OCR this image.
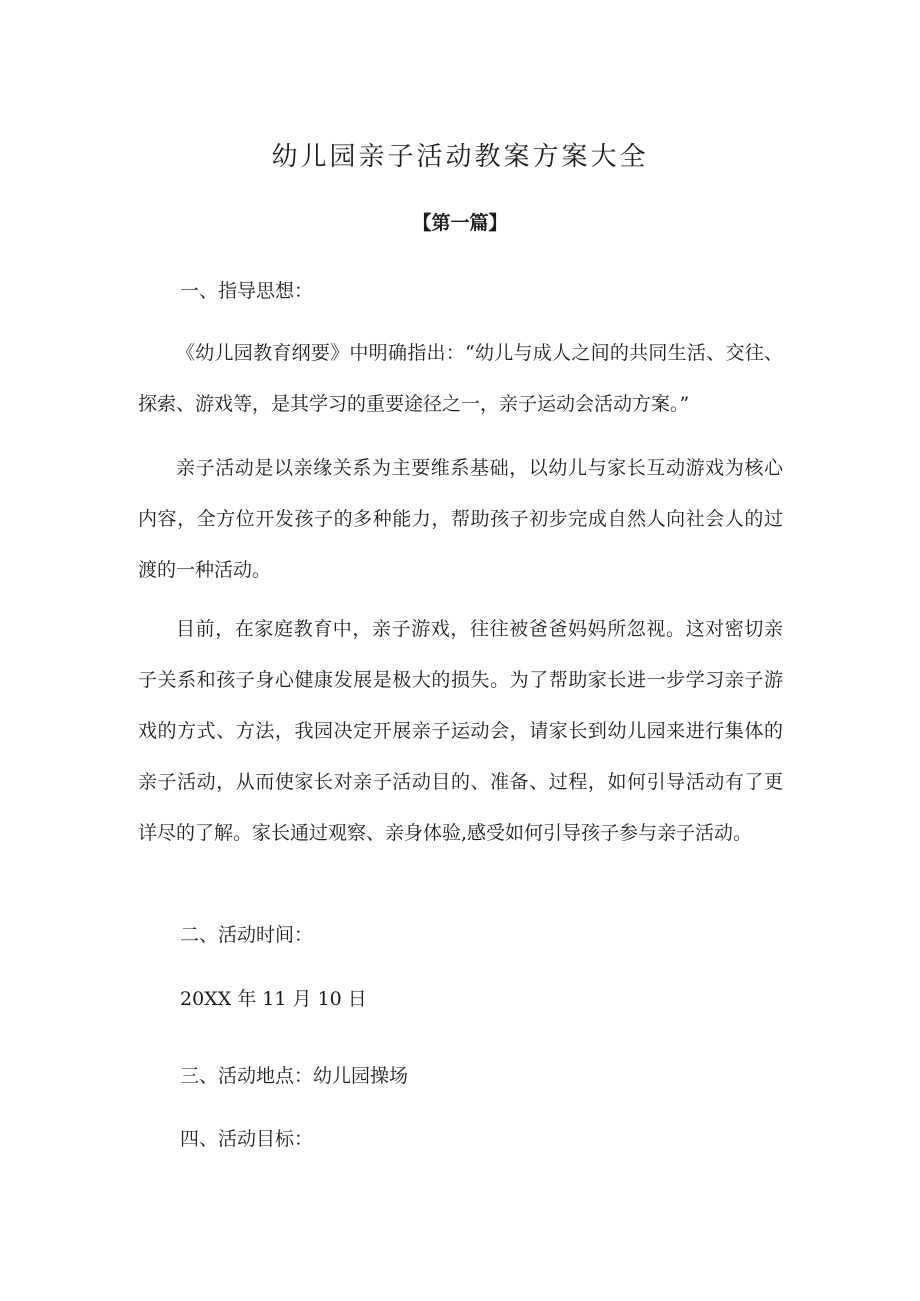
幼儿园亲子活动教案方案大全
【第一篇】
一、指导思想：

《幼儿园教育纲要》中明确指出：“幼儿与成人之间的共同生活、交往、探索、游戏等，是其学习的重要途径之一，亲子运动会活动方案。”

亲子活动是以亲缘关系为主要维系基础，以幼儿与家长互动游戏为核心内容，全方位开发孩子的多种能力，帮助孩子初步完成自然人向社会人的过渡的一种活动。

目前，在家庭教育中，亲子游戏，往往被爸爸妈妈所忽视。这对密切亲子关系和孩子身心健康发展是极大的损失。为了帮助家长进一步学习亲子游戏的方式、方法，我园决定开展亲子运动会，请家长到幼儿园来进行集体的亲子活动，从而使家长对亲子活动目的、准备、过程，如何引导活动有了更详尽的了解。家长通过观察、亲身体验,感受如何引导孩子参与亲子活动。

二、活动时间：
20XX 年 11 月 10 日
三、活动地点：幼儿园操场
四、活动目标：
